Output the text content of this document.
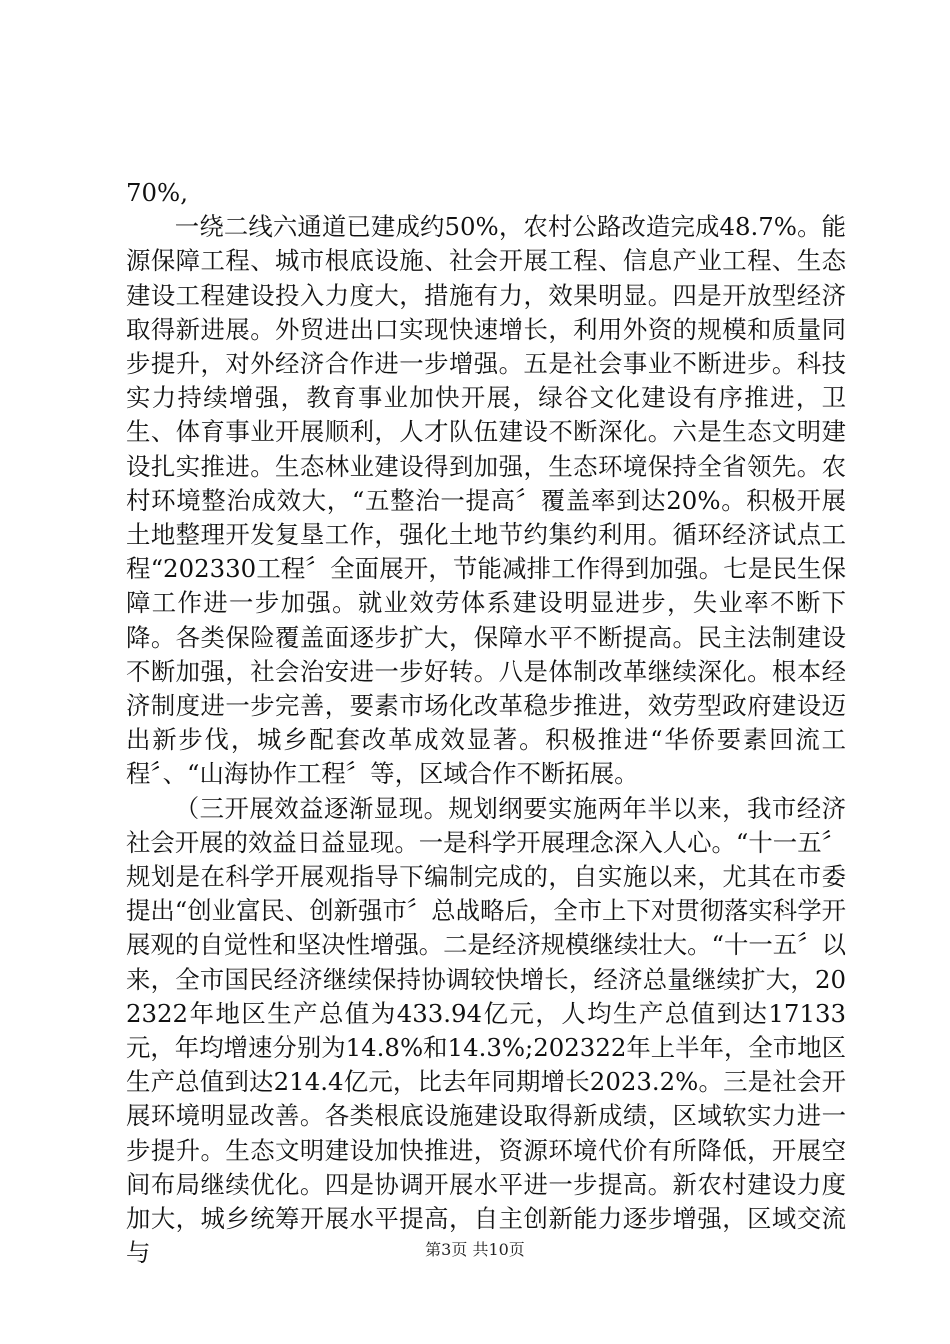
70%,

一绕二线六通道已建成约50%，农村公路改造完成48.7%。能源保障工程、城市根底设施、社会开展工程、信息产业工程、生态建设工程建设投入力度大，措施有力，效果明显。四是开放型经济取得新进展。外贸进出口实现快速增长，利用外资的规模和质量同步提升，对外经济合作进一步增强。五是社会事业不断进步。科技实力持续增强，教育事业加快开展，绿谷文化建设有序推进，卫生、体育事业开展顺利，人才队伍建设不断深化。六是生态文明建设扎实推进。生态林业建设得到加强，生态环境保持全省领先。农村环境整治成效大，“五整治一提高〞覆盖率到达20%。积极开展土地整理开发复垦工作，强化土地节约集约利用。循环经济试点工程“202330工程〞全面展开，节能减排工作得到加强。七是民生保障工作进一步加强。就业效劳体系建设明显进步，失业率不断下降。各类保险覆盖面逐步扩大，保障水平不断提高。民主法制建设不断加强，社会治安进一步好转。八是体制改革继续深化。根本经济制度进一步完善，要素市场化改革稳步推进，效劳型政府建设迈出新步伐，城乡配套改革成效显著。积极推进“华侨要素回流工程〞、“山海协作工程〞等，区域合作不断拓展。

（三开展效益逐渐显现。规划纲要实施两年半以来，我市经济社会开展的效益日益显现。一是科学开展理念深入人心。“十一五〞规划是在科学开展观指导下编制完成的，自实施以来，尤其在市委提出“创业富民、创新强市〞总战略后，全市上下对贯彻落实科学开展观的自觉性和坚决性增强。二是经济规模继续壮大。“十一五〞以来，全市国民经济继续保持协调较快增长，经济总量继续扩大，202322年地区生产总值为433.94亿元，人均生产总值到达17133元，年均增速分别为14.8%和14.3%;202322年上半年，全市地区生产总值到达214.4亿元，比去年同期增长2023.2%。三是社会开展环境明显改善。各类根底设施建设取得新成绩，区域软实力进一步提升。生态文明建设加快推进，资源环境代价有所降低，开展空间布局继续优化。四是协调开展水平进一步提高。新农村建设力度加大，城乡统筹开展水平提高，自主创新能力逐步增强，区域交流与	第3页 共10页
